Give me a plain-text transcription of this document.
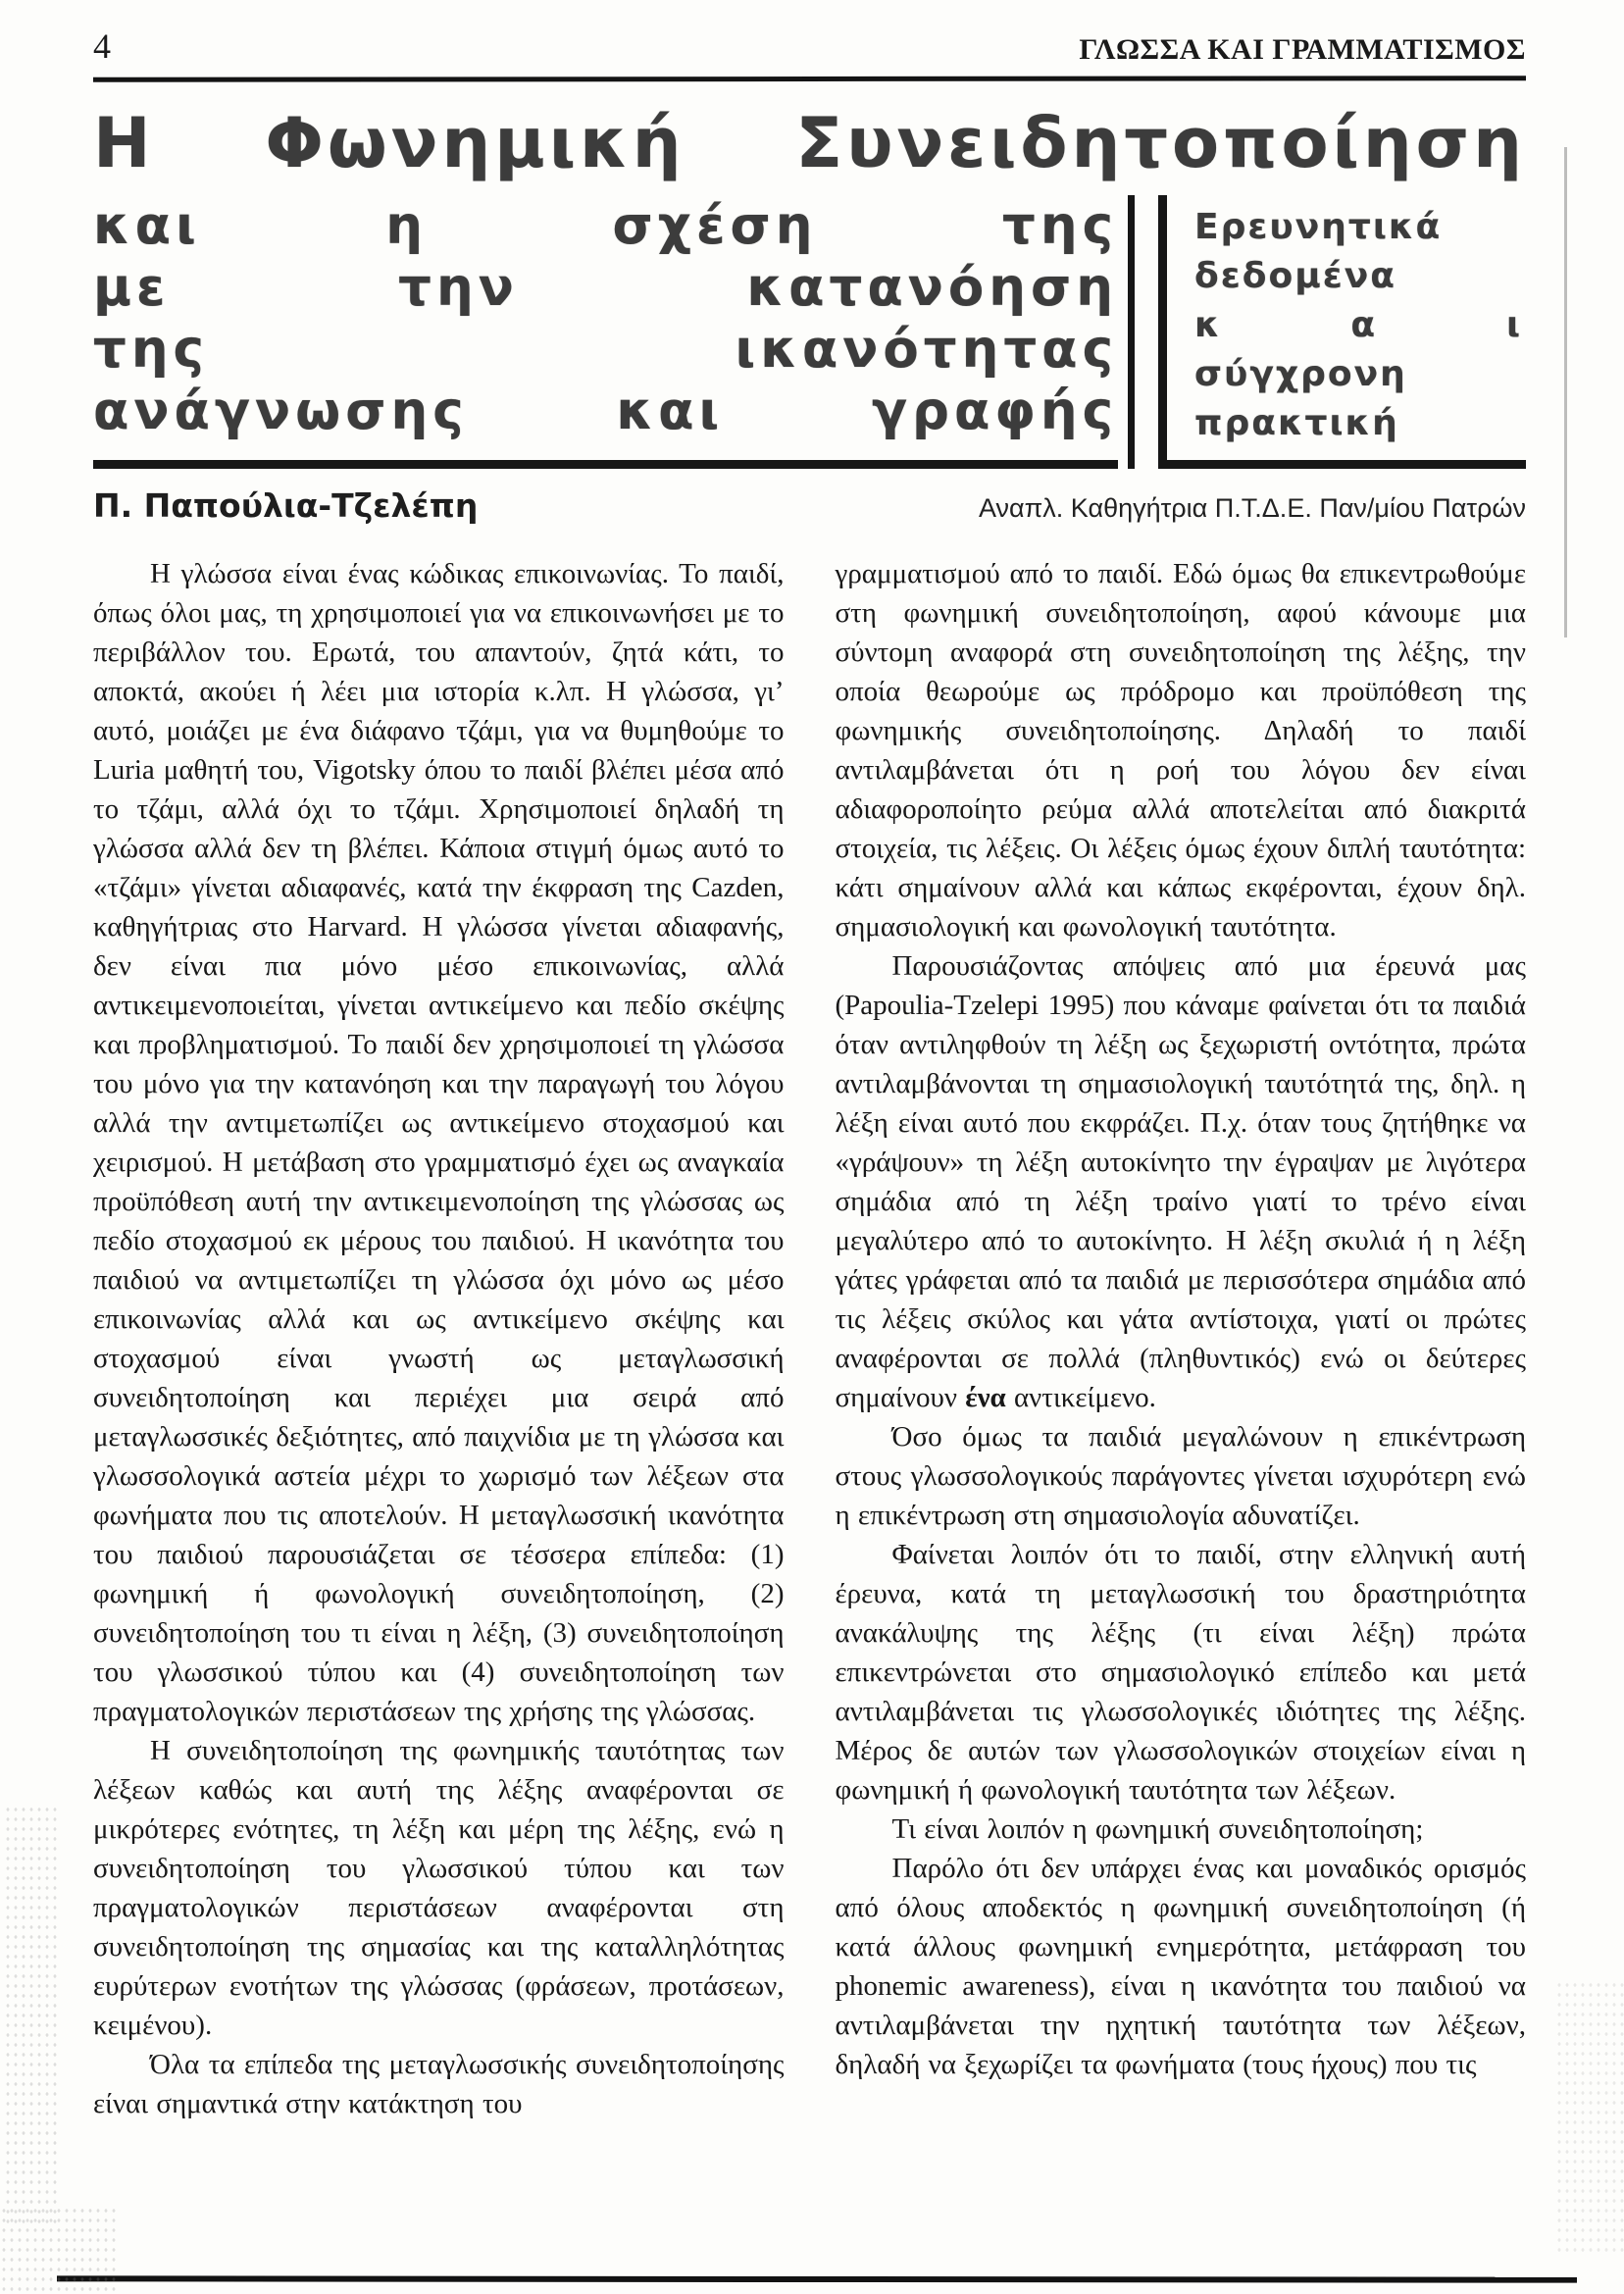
4	ΓΛΩΣΣΑ ΚΑΙ ΓΡΑΜΜΑΤΙΣΜΟΣ
Η Φωνημική Συνειδητοποίηση
και η σχέση της
με την κατανόηση
της ικανότητας
ανάγνωσης και γραφής
Ερευνητικά
δεδομένα
κ α ι
σύγχρονη
πρακτική
Π. Παπούλια-Τζελέπη	Αναπλ. Καθηγήτρια Π.Τ.Δ.Ε. Παν/μίου Πατρών

Η γλώσσα είναι ένας κώδικας επικοινωνίας. Το παιδί, όπως όλοι μας, τη χρησιμοποιεί για να επικοινωνήσει με το περιβάλλον του. Ερωτά, του απαντούν, ζητά κάτι, το αποκτά, ακούει ή λέει μια ιστορία κ.λπ. Η γλώσσα, γι’ αυτό, μοιάζει με ένα διάφανο τζάμι, για να θυμηθούμε το Luria μαθητή του, Vigotsky όπου το παιδί βλέπει μέσα από το τζάμι, αλλά όχι το τζάμι. Χρησιμοποιεί δηλαδή τη γλώσσα αλλά δεν τη βλέπει. Κάποια στιγμή όμως αυτό το «τζάμι» γίνεται αδιαφανές, κατά την έκφραση της Cazden, καθηγήτριας στο Harvard. Η γλώσσα γίνεται αδιαφανής, δεν είναι πια μόνο μέσο επικοινωνίας, αλλά αντικειμενοποιείται, γίνεται αντικείμενο και πεδίο σκέψης και προβληματισμού. Το παιδί δεν χρησιμοποιεί τη γλώσσα του μόνο για την κατανόηση και την παραγωγή του λόγου αλλά την αντιμετωπίζει ως αντικείμενο στοχασμού και χειρισμού. Η μετάβαση στο γραμματισμό έχει ως αναγκαία προϋπόθεση αυτή την αντικειμενοποίηση της γλώσσας ως πεδίο στοχασμού εκ μέρους του παιδιού. Η ικανότητα του παιδιού να αντιμετωπίζει τη γλώσσα όχι μόνο ως μέσο επικοινωνίας αλλά και ως αντικείμενο σκέψης και στοχασμού είναι γνωστή ως μεταγλωσσική συνειδητοποίηση και περιέχει μια σειρά από μεταγλωσσικές δεξιότητες, από παιχνίδια με τη γλώσσα και γλωσσολογικά αστεία μέχρι το χωρισμό των λέξεων στα φωνήματα που τις αποτελούν. Η μεταγλωσσική ικανότητα του παιδιού παρουσιάζεται σε τέσσερα επίπεδα: (1) φωνημική ή φωνολογική συνειδητοποίηση, (2) συνειδητοποίηση του τι είναι η λέξη, (3) συνειδητοποίηση του γλωσσικού τύπου και (4) συνειδητοποίηση των πραγματολογικών περιστάσεων της χρήσης της γλώσσας.

Η συνειδητοποίηση της φωνημικής ταυτότητας των λέξεων καθώς και αυτή της λέξης αναφέρονται σε μικρότερες ενότητες, τη λέξη και μέρη της λέξης, ενώ η συνειδητοποίηση του γλωσσικού τύπου και των πραγματολογικών περιστάσεων αναφέρονται στη συνειδητοποίηση της σημασίας και της καταλληλότητας ευρύτερων ενοτήτων της γλώσσας (φράσεων, προτάσεων, κειμένου).

Όλα τα επίπεδα της μεταγλωσσικής συνειδητοποίησης είναι σημαντικά στην κατάκτηση του

γραμματισμού από το παιδί. Εδώ όμως θα επικεντρωθούμε στη φωνημική συνειδητοποίηση, αφού κάνουμε μια σύντομη αναφορά στη συνειδητοποίηση της λέξης, την οποία θεωρούμε ως πρόδρομο και προϋπόθεση της φωνημικής συνειδητοποίησης. Δηλαδή το παιδί αντιλαμβάνεται ότι η ροή του λόγου δεν είναι αδιαφοροποίητο ρεύμα αλλά αποτελείται από διακριτά στοιχεία, τις λέξεις. Οι λέξεις όμως έχουν διπλή ταυτότητα: κάτι σημαίνουν αλλά και κάπως εκφέρονται, έχουν δηλ. σημασιολογική και φωνολογική ταυτότητα.

Παρουσιάζοντας απόψεις από μια έρευνά μας (Papoulia-Tzelepi 1995) που κάναμε φαίνεται ότι τα παιδιά όταν αντιληφθούν τη λέξη ως ξεχωριστή οντότητα, πρώτα αντιλαμβάνονται τη σημασιολογική ταυτότητά της, δηλ. η λέξη είναι αυτό που εκφράζει. Π.χ. όταν τους ζητήθηκε να «γράψουν» τη λέξη αυτοκίνητο την έγραψαν με λιγότερα σημάδια από τη λέξη τραίνο γιατί το τρένο είναι μεγαλύτερο από το αυτοκίνητο. Η λέξη σκυλιά ή η λέξη γάτες γράφεται από τα παιδιά με περισσότερα σημάδια από τις λέξεις σκύλος και γάτα αντίστοιχα, γιατί οι πρώτες αναφέρονται σε πολλά (πληθυντικός) ενώ οι δεύτερες σημαίνουν ένα αντικείμενο.

Όσο όμως τα παιδιά μεγαλώνουν η επικέντρωση στους γλωσσολογικούς παράγοντες γίνεται ισχυρότερη ενώ η επικέντρωση στη σημασιολογία αδυνατίζει.

Φαίνεται λοιπόν ότι το παιδί, στην ελληνική αυτή έρευνα, κατά τη μεταγλωσσική του δραστηριότητα ανακάλυψης της λέξης (τι είναι λέξη) πρώτα επικεντρώνεται στο σημασιολογικό επίπεδο και μετά αντιλαμβάνεται τις γλωσσολογικές ιδιότητες της λέξης. Μέρος δε αυτών των γλωσσολογικών στοιχείων είναι η φωνημική ή φωνολογική ταυτότητα των λέξεων.

Τι είναι λοιπόν η φωνημική συνειδητοποίηση;

Παρόλο ότι δεν υπάρχει ένας και μοναδικός ορισμός από όλους αποδεκτός η φωνημική συνειδητοποίηση (ή κατά άλλους φωνημική ενημερότητα, μετάφραση του phonemic awareness), είναι η ικανότητα του παιδιού να αντιλαμβάνεται την ηχητική ταυτότητα των λέξεων, δηλαδή να ξεχωρίζει τα φωνήματα (τους ήχους) που τις
